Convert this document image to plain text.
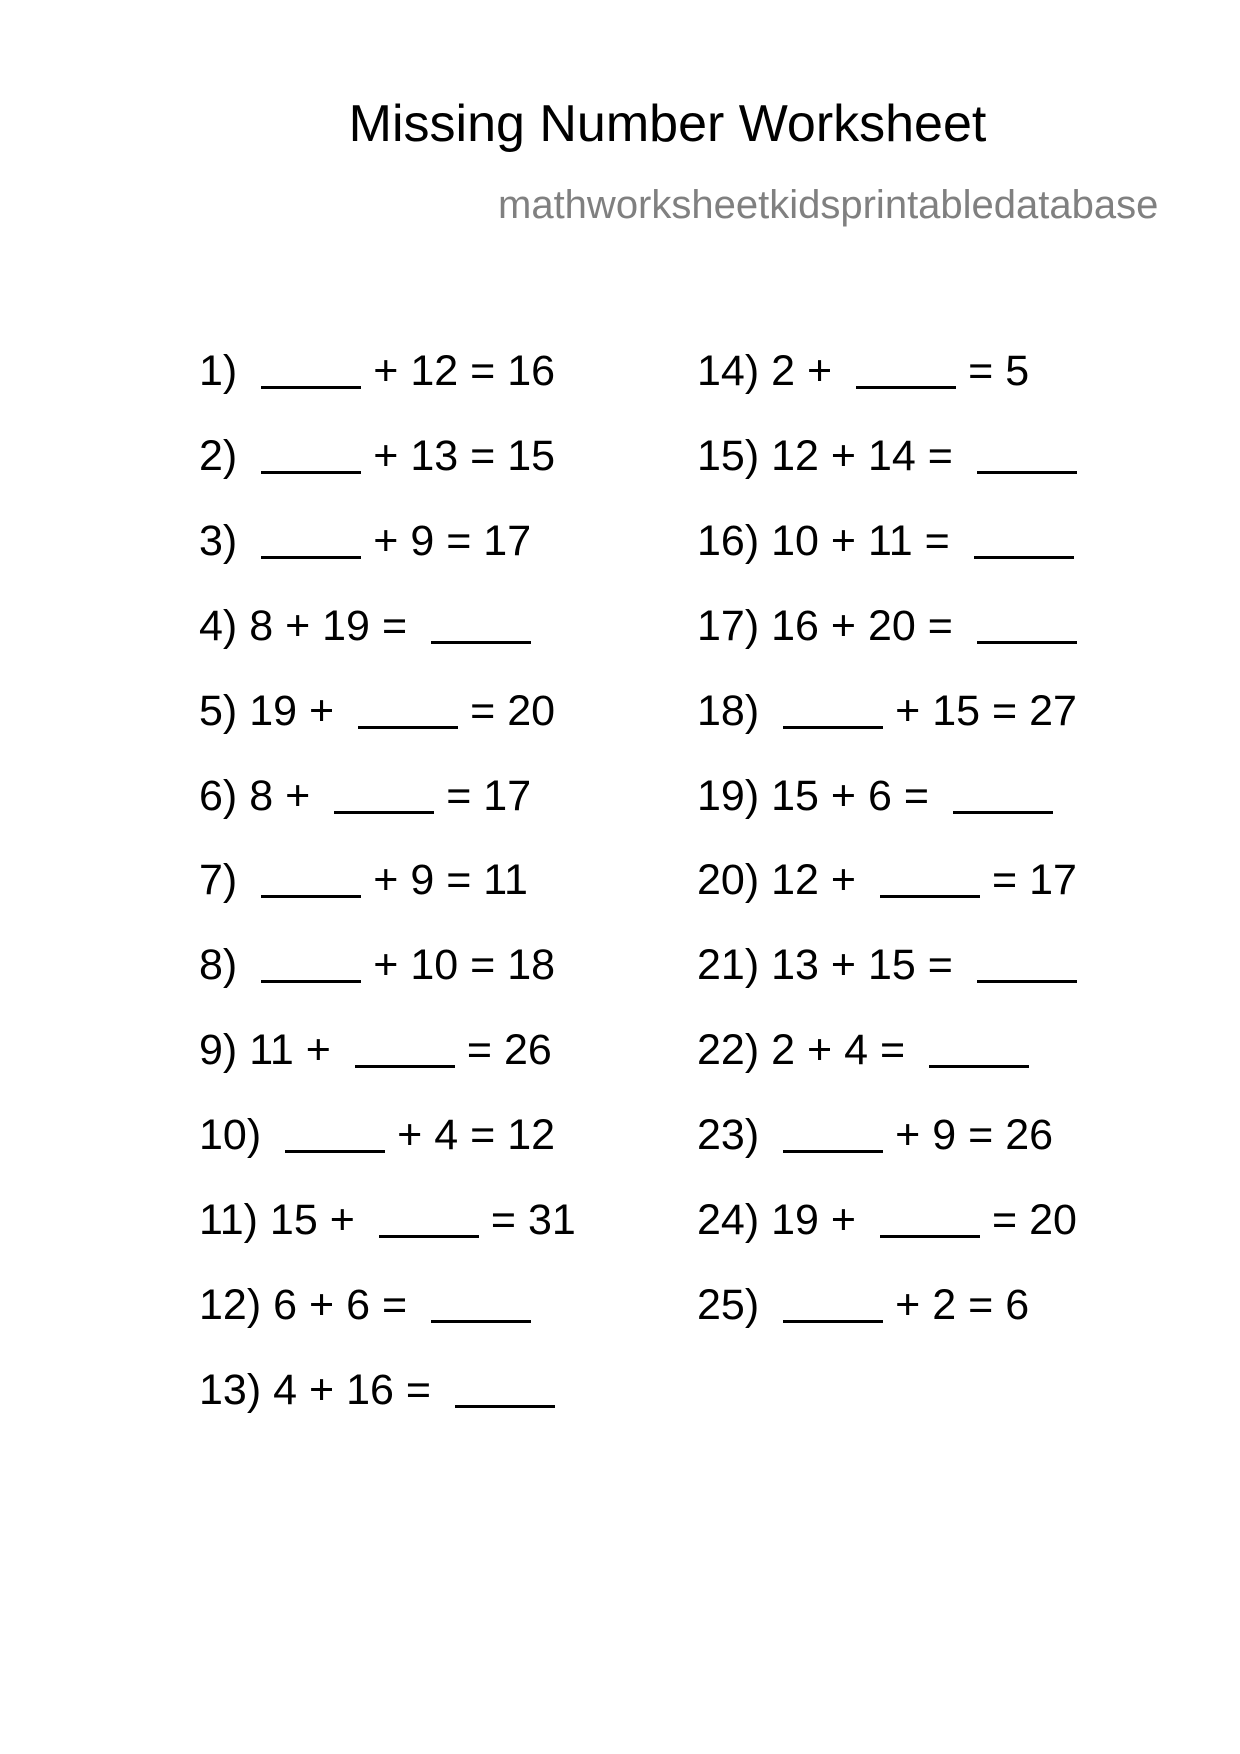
Missing Number Worksheet
mathworksheetkidsprintabledatabase
1)	+ 12 = 16
2)	+ 13 = 15
3)	+ 9 = 17
4) 8 + 19 =
5) 19 +	= 20
6) 8 +	= 17
7)	+ 9 = 11
8)	+ 10 = 18
9) 11 +	= 26
10)	+ 4 = 12
11) 15 +	= 31
12) 6 + 6 =
13) 4 + 16 =
14) 2 +	= 5
15) 12 + 14 =
16) 10 + 11 =
17) 16 + 20 =
18)	+ 15 = 27
19) 15 + 6 =
20) 12 +	= 17
21) 13 + 15 =
22) 2 + 4 =
23)	+ 9 = 26
24) 19 +	= 20
25)	+ 2 = 6
